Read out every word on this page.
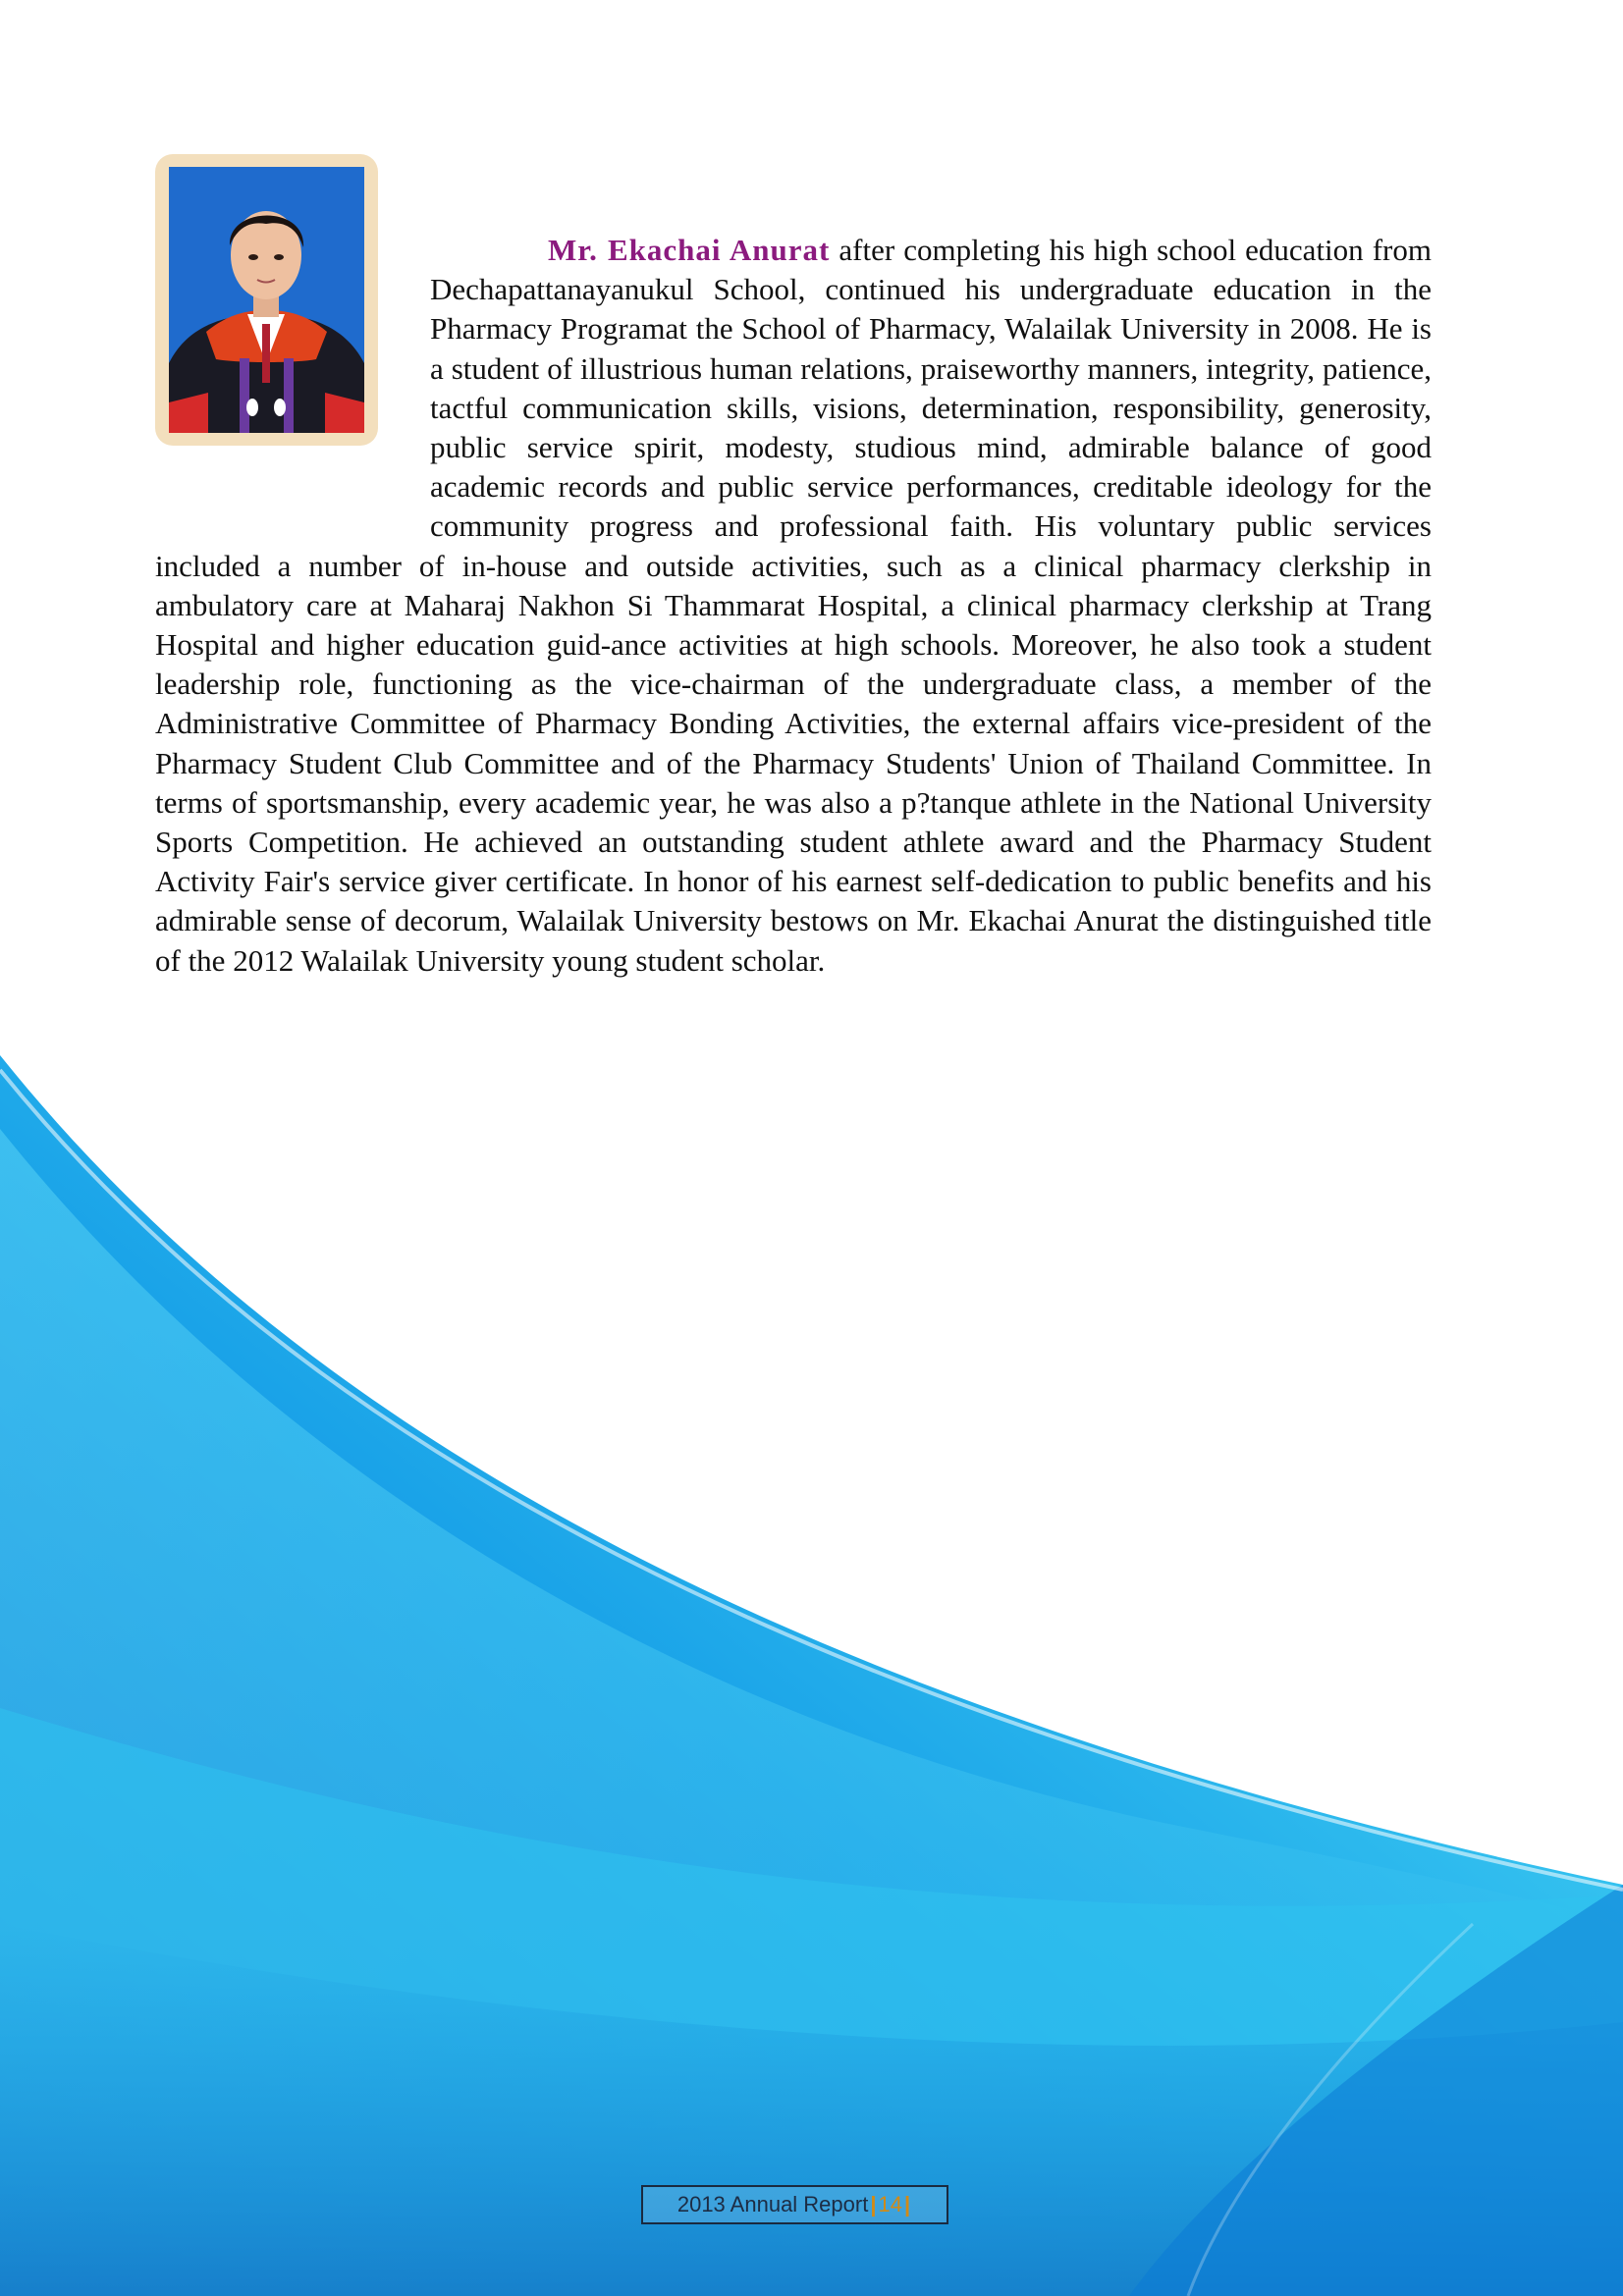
Mr. Ekachai Anurat after completing his high school education from Dechapattanayanukul School, continued his undergraduate education in the Pharmacy Programat the School of Pharmacy, Walailak University in 2008. He is a student of illustrious human relations, praiseworthy manners, integrity, patience, tactful communication skills, visions, determination, responsibility, generosity, public service spirit, modesty, studious mind, admirable balance of good academic records and public service performances, creditable ideology for the community progress and professional faith. His voluntary public services included a number of in-house and outside activities, such as a clinical pharmacy clerkship in ambulatory care at Maharaj Nakhon Si Thammarat Hospital, a clinical pharmacy clerkship at Trang Hospital and higher education guid-ance activities at high schools. Moreover, he also took a student leadership role, functioning as the vice-chairman of the undergraduate class, a member of the Administrative Committee of Pharmacy Bonding Activities, the external affairs vice-president of the Pharmacy Student Club Committee and of the Pharmacy Students' Union of Thailand Committee. In terms of sportsmanship, every academic year, he was also a p?tanque athlete in the National University Sports Competition. He achieved an outstanding student athlete award and the Pharmacy Student Activity Fair's service giver certificate. In honor of his earnest self-dedication to public benefits and his admirable sense of decorum, Walailak University bestows on Mr. Ekachai Anurat the distinguished title of the 2012 Walailak University young student scholar.
2013 Annual Report | 14 |
